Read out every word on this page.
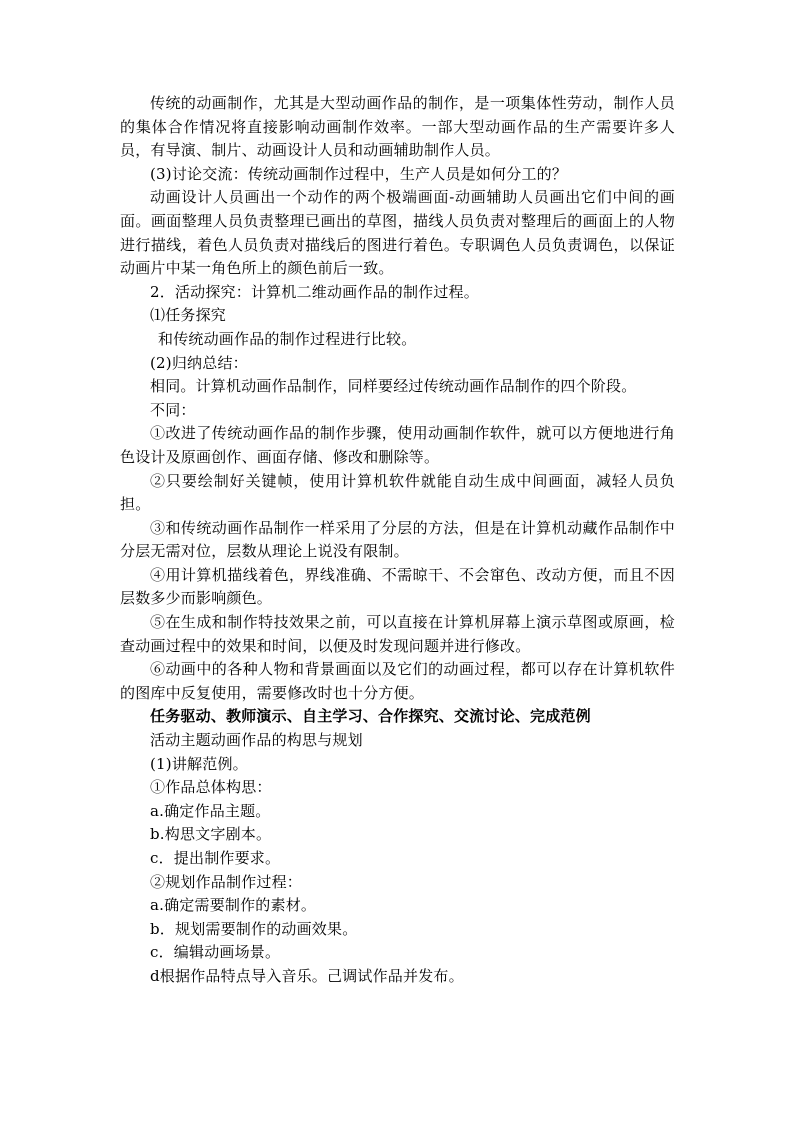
传统的动画制作，尤其是大型动画作品的制作，是一项集体性劳动，制作人员的集体合作情况将直接影响动画制作效率。一部大型动画作品的生产需要许多人员，有导演、制片、动画设计人员和动画辅助制作人员。

(3)讨论交流：传统动画制作过程中，生产人员是如何分工的？

动画设计人员画出一个动作的两个极端画面-动画辅助人员画出它们中间的画面。画面整理人员负责整理已画出的草图，描线人员负责对整理后的画面上的人物进行描线，着色人员负责对描线后的图进行着色。专职调色人员负责调色，以保证动画片中某一角色所上的颜色前后一致。

2．活动探究：计算机二维动画作品的制作过程。

⑴任务探究

和传统动画作品的制作过程进行比较。

(2)归纳总结：

相同。计算机动画作品制作，同样要经过传统动画作品制作的四个阶段。

不同：

①改进了传统动画作品的制作步骤，使用动画制作软件，就可以方便地进行角色设计及原画创作、画面存储、修改和删除等。

②只要绘制好关键帧，使用计算机软件就能自动生成中间画面，减轻人员负担。

③和传统动画作品制作一样采用了分层的方法，但是在计算机动藏作品制作中分层无需对位，层数从理论上说没有限制。

④用计算机描线着色，界线准确、不需晾干、不会窜色、改动方便，而且不因层数多少而影响颜色。

⑤在生成和制作特技效果之前，可以直接在计算机屏幕上演示草图或原画，检查动画过程中的效果和时间，以便及时发现问题并进行修改。

⑥动画中的各种人物和背景画面以及它们的动画过程，都可以存在计算机软件的图库中反复使用，需要修改时也十分方便。

任务驱动、教师演示、自主学习、合作探究、交流讨论、完成范例

活动主题动画作品的构思与规划

(1)讲解范例。

①作品总体构思：

a.确定作品主题。

b.构思文字剧本。

c．提出制作要求。

②规划作品制作过程：

a.确定需要制作的素材。

b．规划需要制作的动画效果。

c．编辑动画场景。

d根据作品特点导入音乐。己调试作品并发布。
